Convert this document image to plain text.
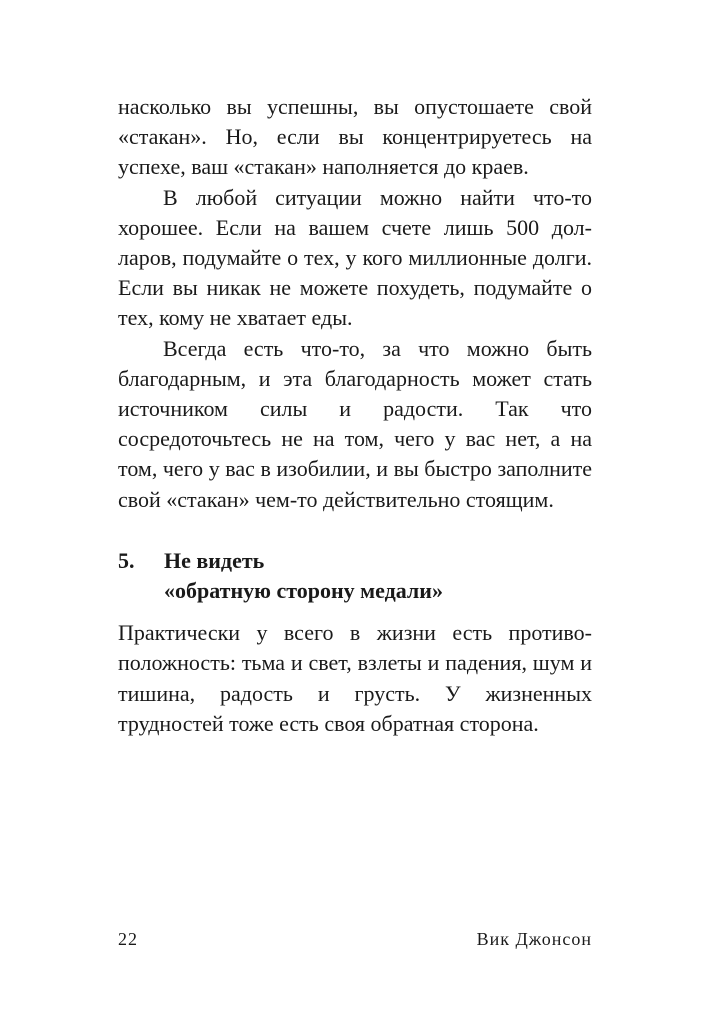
насколько вы успешны, вы опустошаете свой «стакан». Но, если вы концентрируетесь на успехе, ваш «стакан» наполняется до краев.

В любой ситуации можно найти что-то хорошее. Если на вашем счете лишь 500 долларов, подумайте о тех, у кого миллионные долги. Если вы никак не можете похудеть, подумайте о тех, кому не хватает еды.

Всегда есть что-то, за что можно быть благодарным, и эта благодарность может стать источником силы и радости. Так что сосредоточьтесь не на том, чего у вас нет, а на том, чего у вас в изобилии, и вы быстро заполните свой «стакан» чем-то действительно стоящим.

5. Не видеть
«обратную сторону медали»

Практически у всего в жизни есть противоположность: тьма и свет, взлеты и падения, шум и тишина, радость и грусть. У жизненных трудностей тоже есть своя обратная сторона.

22	Вик Джонсон
